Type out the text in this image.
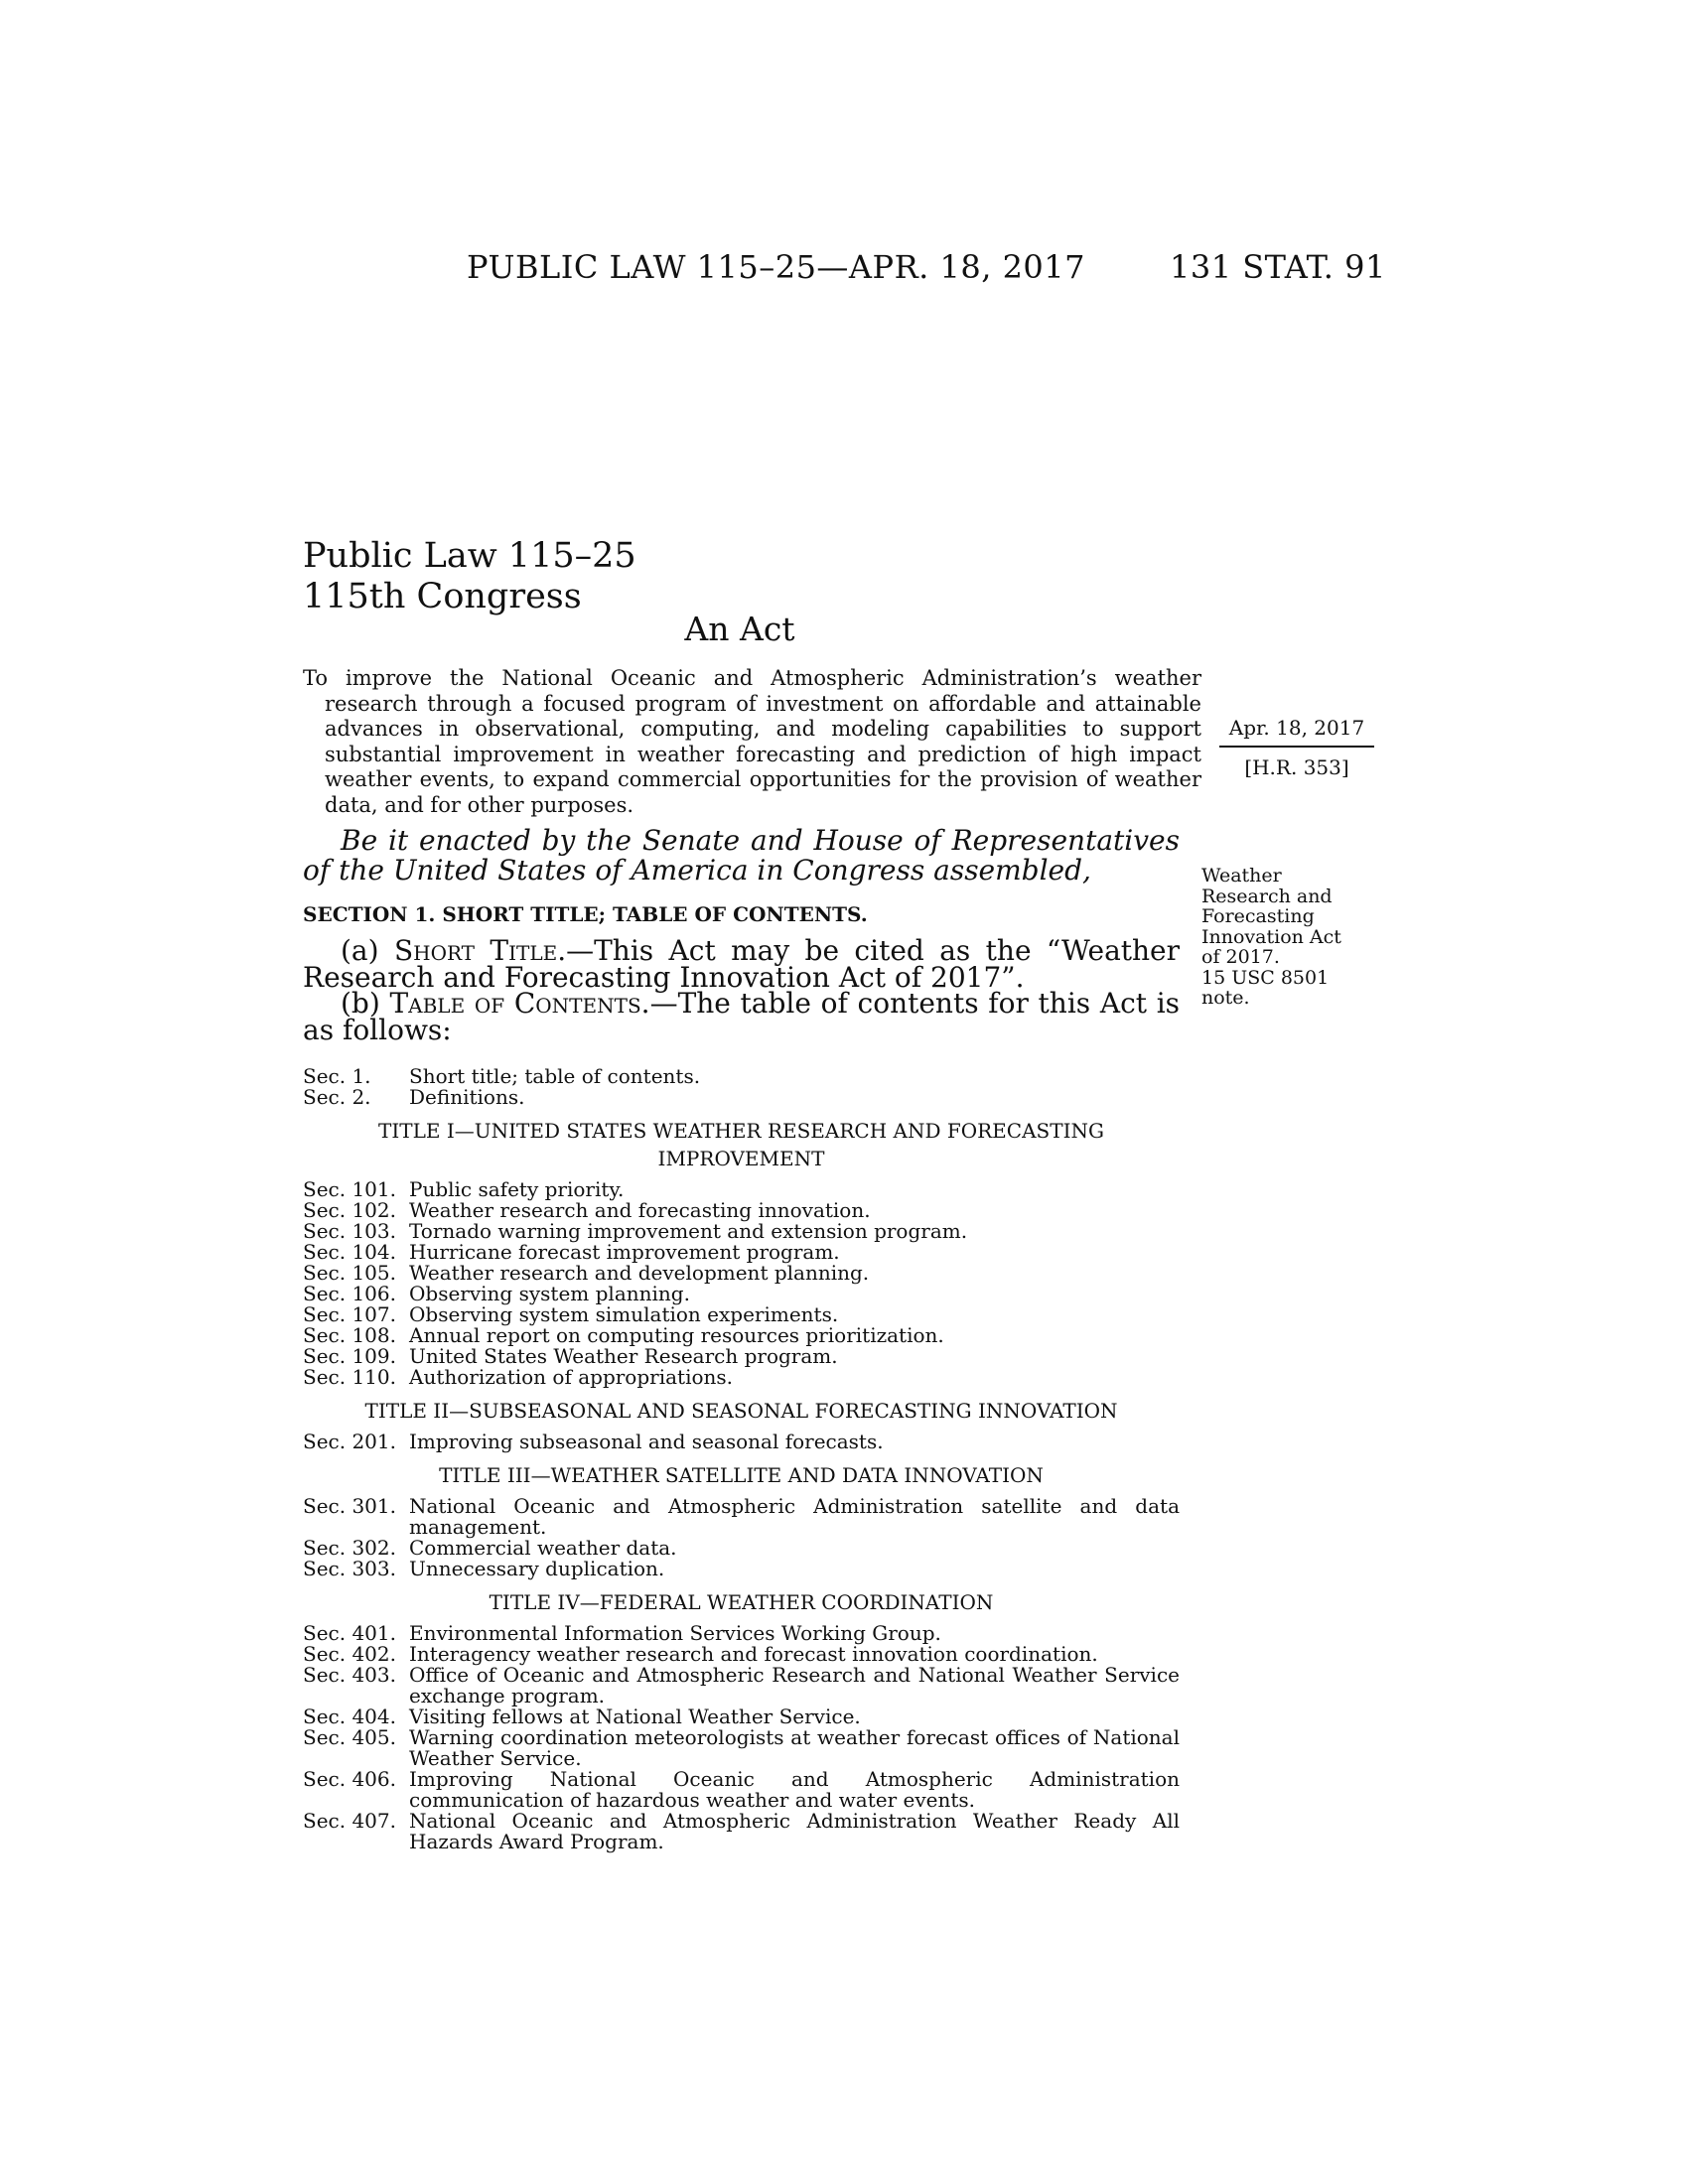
PUBLIC LAW 115–25—APR. 18, 2017	131 STAT. 91
Public Law 115–25
115th Congress
An Act
To improve the National Oceanic and Atmospheric Administration’s weather research through a focused program of investment on affordable and attainable advances in observational, computing, and modeling capabilities to support substantial improvement in weather forecasting and prediction of high impact weather events, to expand commercial opportunities for the provision of weather data, and for other purposes.
Apr. 18, 2017
[H.R. 353]
Be it enacted by the Senate and House of Representatives of the United States of America in Congress assembled,	Weather
Research and
Forecasting
Innovation Act
of 2017.
15 USC 8501
note.
SECTION 1. SHORT TITLE; TABLE OF CONTENTS.
(a) Short Title.—This Act may be cited as the “Weather Research and Forecasting Innovation Act of 2017”.
(b) Table of Contents.—The table of contents for this Act is as follows:
Sec. 1.	Short title; table of contents.
Sec. 2.	Definitions.
TITLE I—UNITED STATES WEATHER RESEARCH AND FORECASTING
IMPROVEMENT
Sec. 101. Public safety priority.
Sec. 102. Weather research and forecasting innovation.
Sec. 103. Tornado warning improvement and extension program.
Sec. 104. Hurricane forecast improvement program.
Sec. 105. Weather research and development planning.
Sec. 106. Observing system planning.
Sec. 107. Observing system simulation experiments.
Sec. 108. Annual report on computing resources prioritization.
Sec. 109. United States Weather Research program.
Sec. 110. Authorization of appropriations.
TITLE II—SUBSEASONAL AND SEASONAL FORECASTING INNOVATION
Sec. 201. Improving subseasonal and seasonal forecasts.
TITLE III—WEATHER SATELLITE AND DATA INNOVATION
Sec. 301. National Oceanic and Atmospheric Administration satellite and data management.
Sec. 302. Commercial weather data.
Sec. 303. Unnecessary duplication.
TITLE IV—FEDERAL WEATHER COORDINATION
Sec. 401. Environmental Information Services Working Group.
Sec. 402. Interagency weather research and forecast innovation coordination.
Sec. 403. Office of Oceanic and Atmospheric Research and National Weather Service exchange program.
Sec. 404. Visiting fellows at National Weather Service.
Sec. 405. Warning coordination meteorologists at weather forecast offices of National Weather Service.
Sec. 406. Improving National Oceanic and Atmospheric Administration communication of hazardous weather and water events.
Sec. 407. National Oceanic and Atmospheric Administration Weather Ready All Hazards Award Program.
